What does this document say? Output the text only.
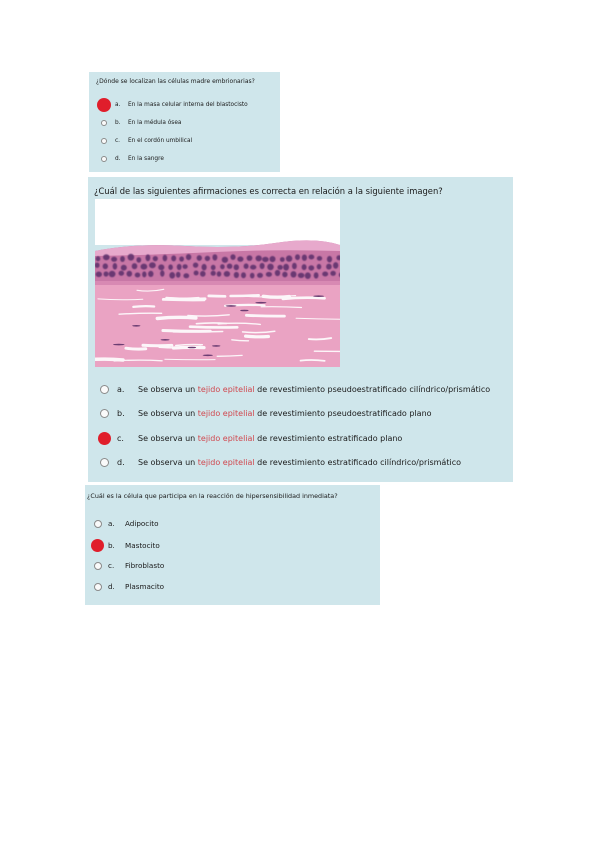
¿Dónde se localizan las células madre embrionarias?
a.	En la masa celular interna del blastocisto
b.	En la médula ósea
c.	En el cordón umbilical
d.	En la sangre
¿Cuál de las siguientes afirmaciones es correcta en relación a la siguiente imagen?
a.	Se observa un tejido epitelial de revestimiento pseudoestratificado cilíndrico/prismático
b.	Se observa un tejido epitelial de revestimiento pseudoestratificado plano
c.	Se observa un tejido epitelial de revestimiento estratificado plano
d.	Se observa un tejido epitelial de revestimiento estratificado cilíndrico/prismático
¿Cuál es la célula que participa en la reacción de hipersensibilidad inmediata?
a.	Adipocito
b.	Mastocito
c.	Fibroblasto
d.	Plasmacito
